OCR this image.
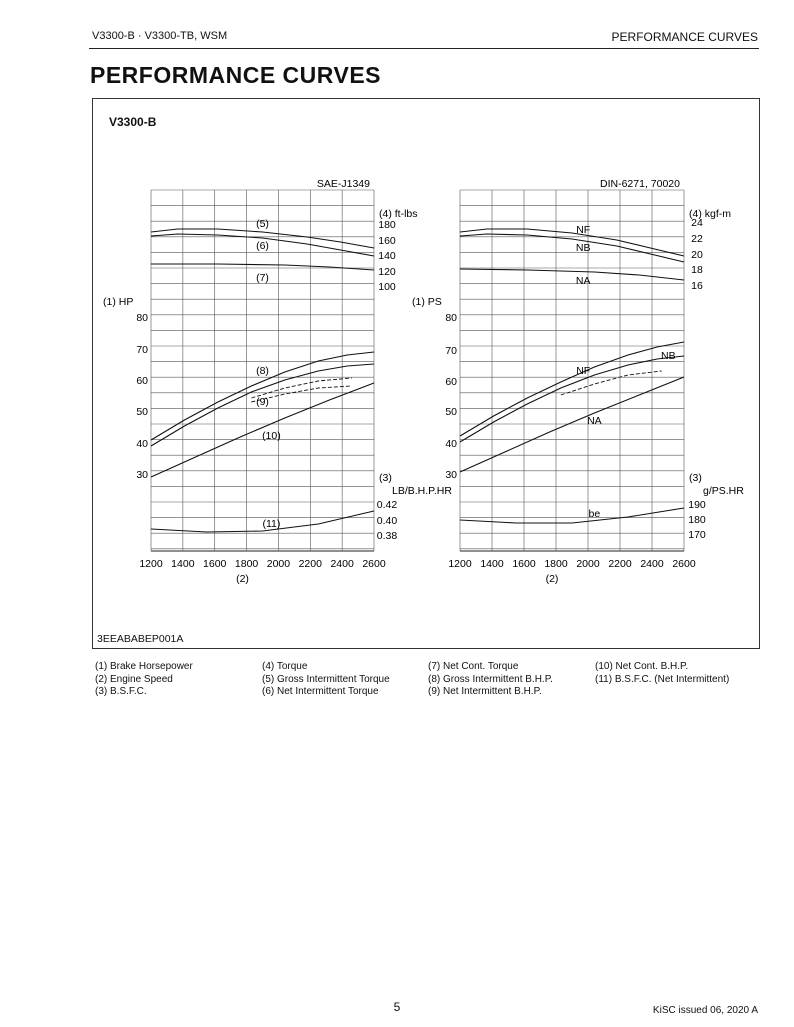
V3300-B · V3300-TB, WSM	PERFORMANCE CURVES
PERFORMANCE CURVES
V3300-B
3EEABABEP001A
1200 1400 1600 1800 2000 2200 2400 2600
(2)
SAE-J1349
(4) ft-lbs
180
160
140
120
100
(1) HP
80
70
60
50
40
30	(3)
LB/B.H.P.HR
0.42
0.40
0.38
(5)
(6)
(7)
(8)
(9)
(10)
(11)
1200 1400 1600 1800 2000 2200 2400 2600
(2)
DIN-6271, 70020
(4) kgf-m
24
22
20
18
16
(1) PS
80
70
60
50
40
30	(3)
g/PS.HR
190
180
170
NF
NB
NA
NB
NF
NA
be
(1) Brake Horsepower
(2) Engine Speed
(3) B.S.F.C.
(4) Torque
(5) Gross Intermittent Torque
(6) Net Intermittent Torque
(7) Net Cont. Torque
(8) Gross Intermittent B.H.P.
(9) Net Intermittent B.H.P.
(10) Net Cont. B.H.P.
(11) B.S.F.C. (Net Intermittent)
5	KiSC issued 06, 2020 A
